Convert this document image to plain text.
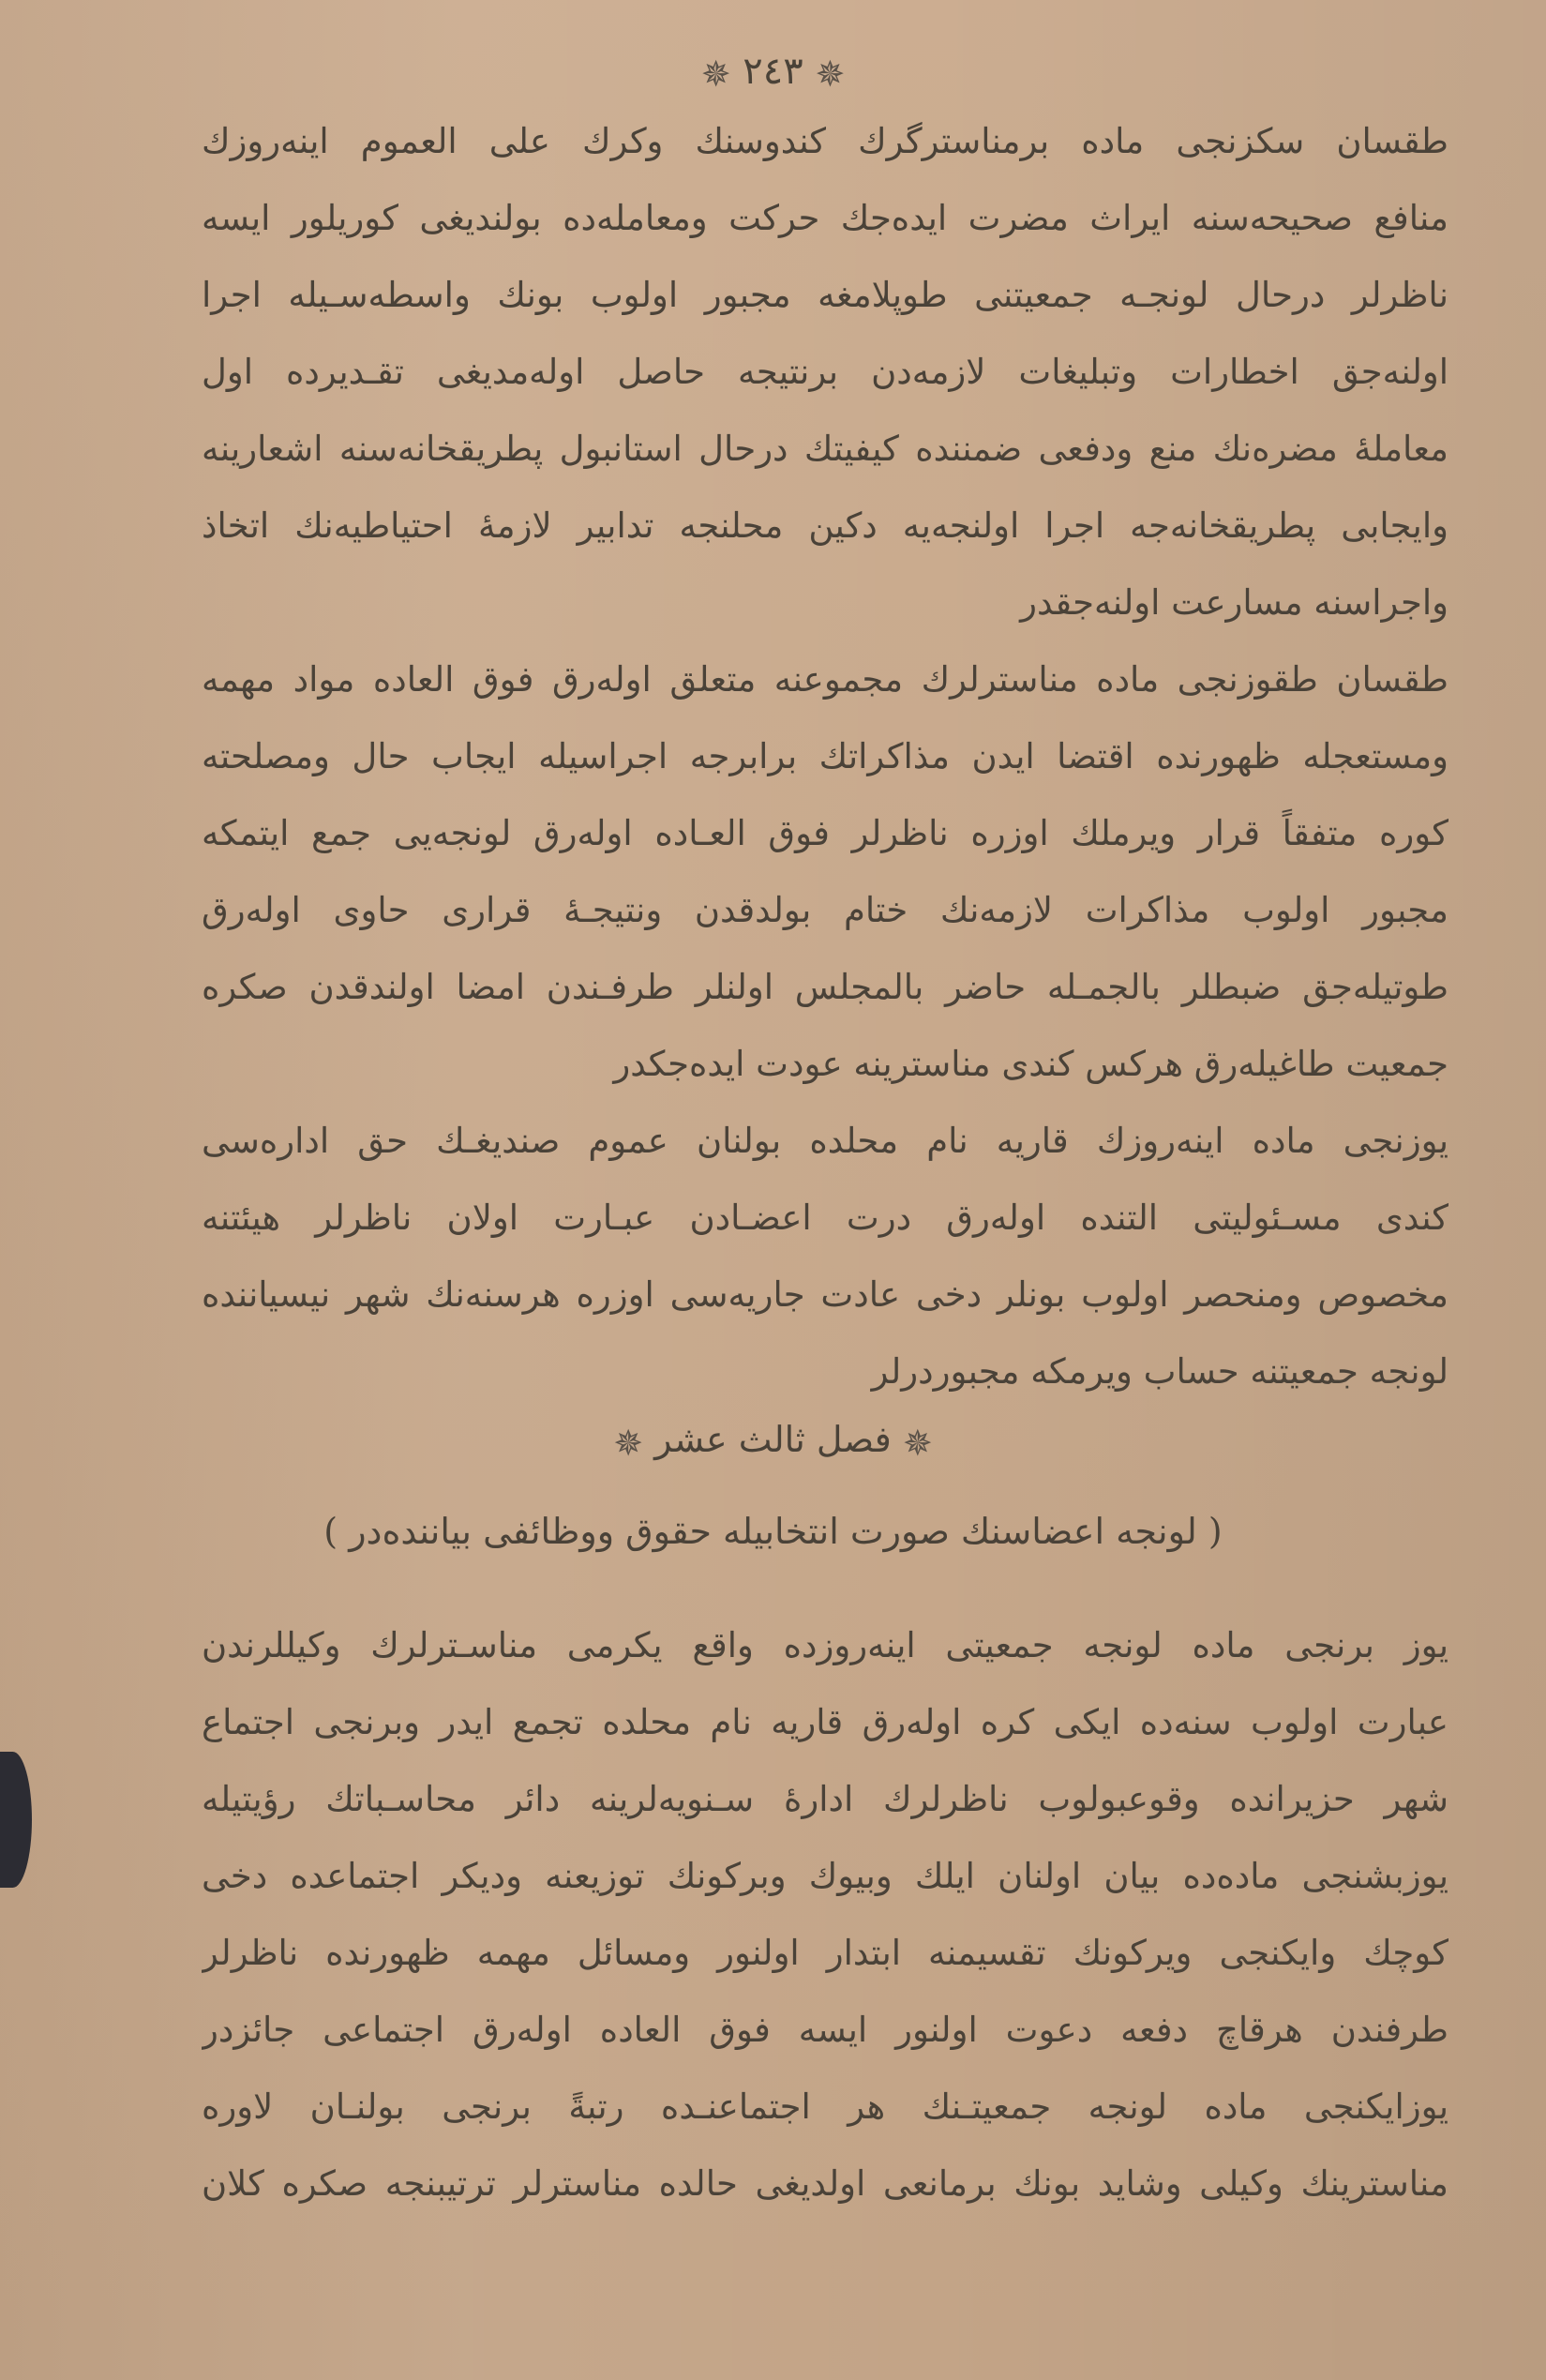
✵ ٢٤٣ ✵
طقسان سكزنجى ماده برمناسترگرك كندوسنك وكرك على العموم اينه‌روزك
منافع صحيحه‌سنه ايراث مضرت ايده‌جك حركت ومعامله‌ده بولنديغى كوريلور ايسه
ناظرلر درحال لونجـه جمعيتنى طوپلامغه مجبور اولوب بونك واسطه‌سـيله اجرا
اولنه‌جق اخطارات وتبليغات لازمه‌دن برنتيجه حاصل اوله‌مديغى تقـديرده اول
معامله‌ٔ مضره‌نك منع ودفعى ضمننده كيفيتك درحال استانبول پطريقخانه‌سنه اشعارينه
وايجابى پطريقخانه‌جه اجرا اولنجه‌يه دكين محلنجه تدابير لازمهٔ احتياطيه‌نك اتخاذ
واجراسنه مسارعت اولنه‌جقدر
طقسان طقوزنجى ماده مناسترلرك مجموعنه متعلق اوله‌رق فوق العاده مواد مهمه
ومستعجله ظهورنده اقتضا ايدن مذاكراتك برابرجه اجراسيله ايجاب حال ومصلحته
كوره متفقاً قرار ويرملك اوزره ناظرلر فوق العـاده اوله‌رق لونجه‌يى جمع ايتمكه
مجبور اولوب مذاكرات لازمه‌نك ختام بولدقدن ونتيجـهٔ قرارى حاوى اوله‌رق
طوتيله‌جق ضبطلر بالجمـله حاضر بالمجلس اولنلر طرفـندن امضا اولندقدن صكره
جمعيت طاغيله‌رق هركس كندى مناسترينه عودت ايده‌جكدر
يوزنجى ماده اينه‌روزك قاريه نام محلده بولنان عموم صنديغـك حق اداره‌سى
كندى مسـئوليتى التنده اوله‌رق درت اعضـادن عبـارت اولان ناظرلر هيئتنه
مخصوص ومنحصر اولوب بونلر دخى عادت جاريه‌سى اوزره هرسنه‌نك شهر نيسياننده
لونجه جمعيتنه حساب ويرمكه مجبوردرلر
✵ فصل ثالث عشر ✵
( لونجه اعضاسنك صورت انتخابيله حقوق ووظائفى بياننده‌در )
يوز برنجى ماده لونجه جمعيتى اينه‌روزده واقع يكرمى مناسـترلرك وكيللرندن
عبارت اولوب سنه‌ده ايكى كره اوله‌رق قاريه نام محلده تجمع ايدر وبرنجى اجتماع
شهر حزيرانده وقوعبولوب ناظرلرك ادارهٔ سـنويه‌لرينه دائر محاسـباتك رؤيتيله
يوزبشنجى ماده‌ده بيان اولنان ايلك وبيوك وبركونك توزيعنه وديكر اجتماعده دخى
كوچك وايكنجى ويركونك تقسيمنه ابتدار اولنور ومسائل مهمه ظهورنده ناظرلر
طرفندن هرقاچ دفعه دعوت اولنور ايسه فوق العاده اوله‌رق اجتماعى جائزدر
يوزايكنجى ماده لونجه جمعيتـنك هر اجتماعنـده رتبةً برنجى بولنـان لاوره
مناسترينك وكيلى وشايد بونك برمانعى اولديغى حالده مناسترلر ترتيبنجه صكره كلان
